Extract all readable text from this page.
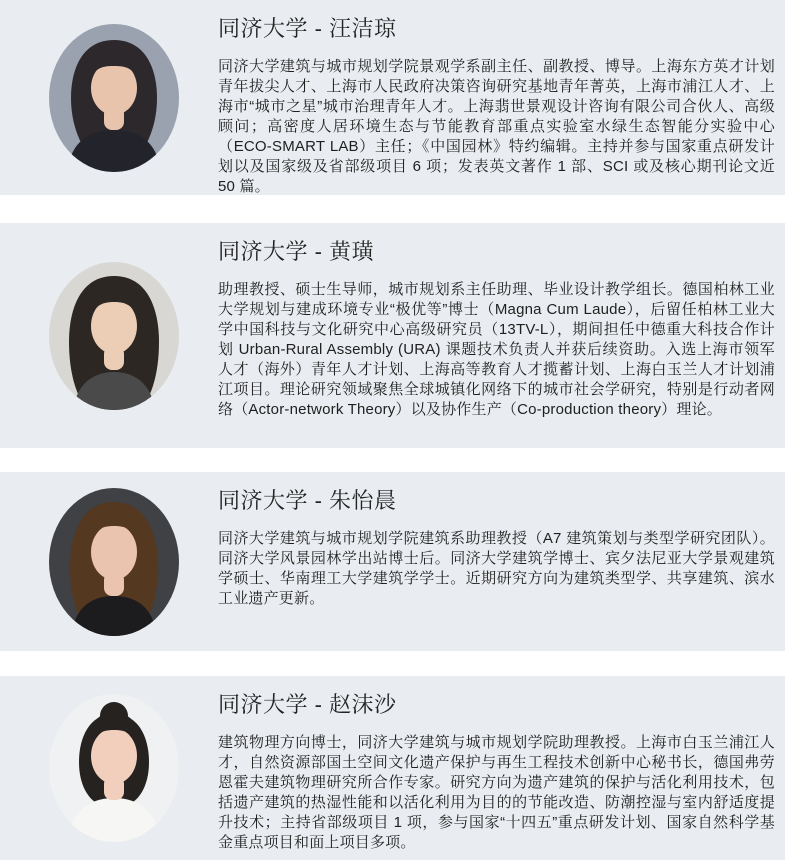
同济大学 - 汪洁琼

同济大学建筑与城市规划学院景观学系副主任、副教授、博导。上海东方英才计划青年拔尖人才、上海市人民政府决策咨询研究基地青年菁英，上海市浦江人才、上海市“城市之星”城市治理青年人才。上海翡世景观设计咨询有限公司合伙人、高级顾问；高密度人居环境生态与节能教育部重点实验室水绿生态智能分实验中心（ECO-SMART LAB）主任；《中国园林》特约编辑。主持并参与国家重点研发计划以及国家级及省部级项目 6 项；发表英文著作 1 部、SCI 或及核心期刊论文近 50 篇。

同济大学 - 黄璜

助理教授、硕士生导师，城市规划系主任助理、毕业设计教学组长。德国柏林工业大学规划与建成环境专业“极优等”博士（Magna Cum Laude），后留任柏林工业大学中国科技与文化研究中心高级研究员（13TV-L），期间担任中德重大科技合作计划 Urban-Rural Assembly (URA) 课题技术负责人并获后续资助。入选上海市领军人才（海外）青年人才计划、上海高等教育人才揽蓄计划、上海白玉兰人才计划浦江项目。理论研究领域聚焦全球城镇化网络下的城市社会学研究，特别是行动者网络（Actor-network Theory）以及协作生产（Co-production theory）理论。

同济大学 - 朱怡晨

同济大学建筑与城市规划学院建筑系助理教授（A7 建筑策划与类型学研究团队）。同济大学风景园林学出站博士后。同济大学建筑学博士、宾夕法尼亚大学景观建筑学硕士、华南理工大学建筑学学士。近期研究方向为建筑类型学、共享建筑、滨水工业遗产更新。

同济大学 - 赵沫沙

建筑物理方向博士，同济大学建筑与城市规划学院助理教授。上海市白玉兰浦江人才，自然资源部国土空间文化遗产保护与再生工程技术创新中心秘书长，德国弗劳恩霍夫建筑物理研究所合作专家。研究方向为遗产建筑的保护与活化利用技术，包括遗产建筑的热湿性能和以活化利用为目的的节能改造、防潮控湿与室内舒适度提升技术；主持省部级项目 1 项，参与国家“十四五”重点研发计划、国家自然科学基金重点项目和面上项目多项。
